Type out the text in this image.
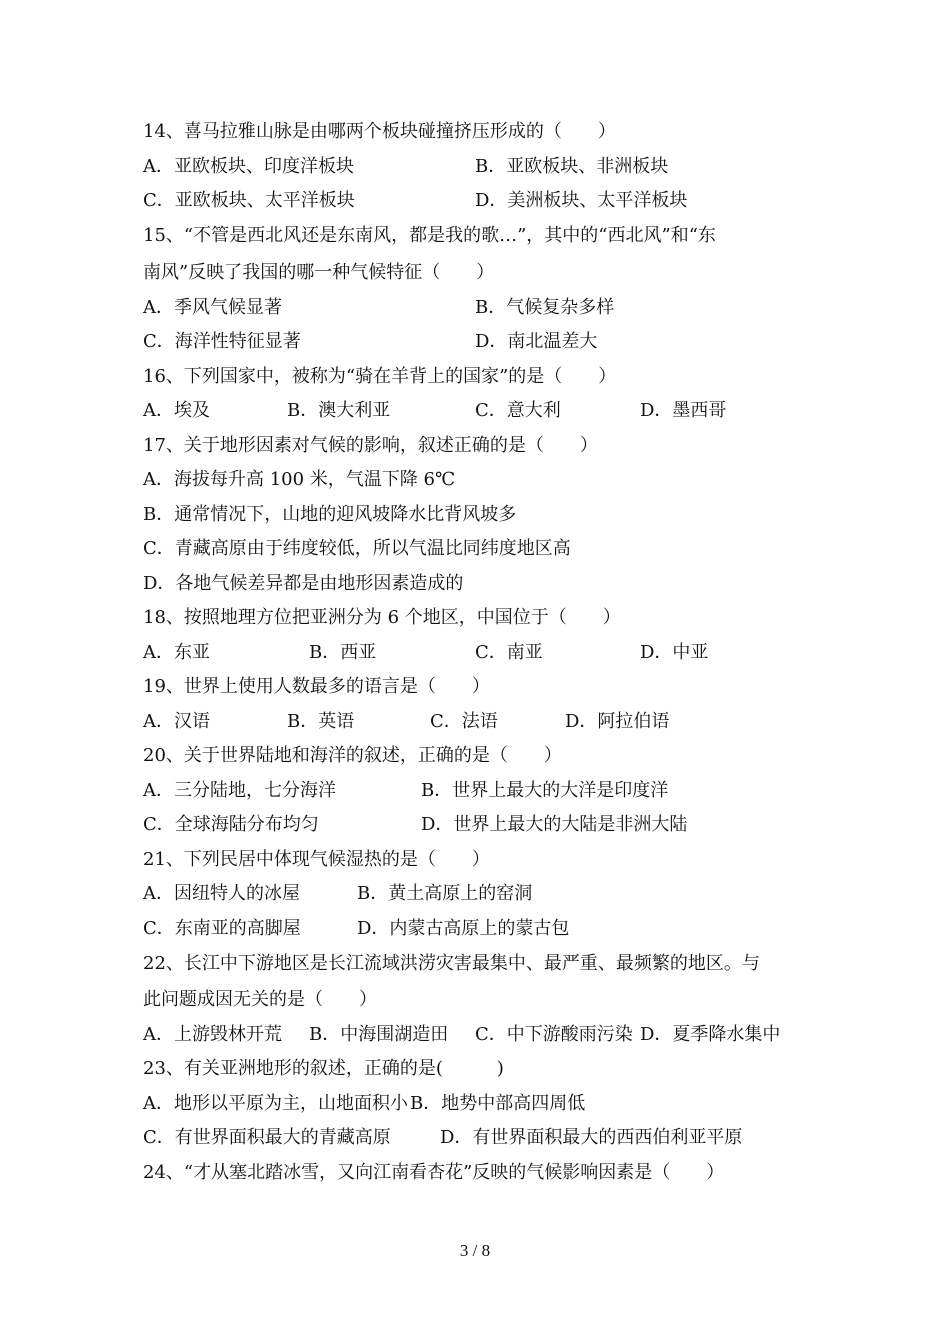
14、喜马拉雅山脉是由哪两个板块碰撞挤压形成的（　　）
A．亚欧板块、印度洋板块	B．亚欧板块、非洲板块
C．亚欧板块、太平洋板块	D．美洲板块、太平洋板块
15、“不管是西北风还是东南风，都是我的歌…”，其中的“西北风”和“东
南风”反映了我国的哪一种气候特征（　　）
A．季风气候显著	B．气候复杂多样
C．海洋性特征显著	D．南北温差大
16、下列国家中，被称为“骑在羊背上的国家”的是（　　）
A．埃及	B．澳大利亚	C．意大利	D．墨西哥
17、关于地形因素对气候的影响，叙述正确的是（　　）
A．海拔每升高 100 米，气温下降 6℃
B．通常情况下，山地的迎风坡降水比背风坡多
C．青藏高原由于纬度较低，所以气温比同纬度地区高
D．各地气候差异都是由地形因素造成的
18、按照地理方位把亚洲分为 6 个地区，中国位于（　　）
A．东亚	B．西亚	C．南亚	D．中亚
19、世界上使用人数最多的语言是（　　）
A．汉语	B．英语	C．法语	D．阿拉伯语
20、关于世界陆地和海洋的叙述，正确的是（　　）
A．三分陆地，七分海洋	B．世界上最大的大洋是印度洋
C．全球海陆分布均匀	D．世界上最大的大陆是非洲大陆
21、下列民居中体现气候湿热的是（　　）
A．因纽特人的冰屋	B．黄土高原上的窑洞
C．东南亚的高脚屋	D．内蒙古高原上的蒙古包
22、长江中下游地区是长江流域洪涝灾害最集中、最严重、最频繁的地区。与
此问题成因无关的是（　　）
A．上游毁林开荒 B．中海围湖造田 C．中下游酸雨污染 D．夏季降水集中
23、有关亚洲地形的叙述，正确的是(　　　)
A．地形以平原为主，山地面积小 B．地势中部高四周低
C．有世界面积最大的青藏高原	D．有世界面积最大的西西伯利亚平原
24、“才从塞北踏冰雪，又向江南看杏花”反映的气候影响因素是（　　）
3 / 8
